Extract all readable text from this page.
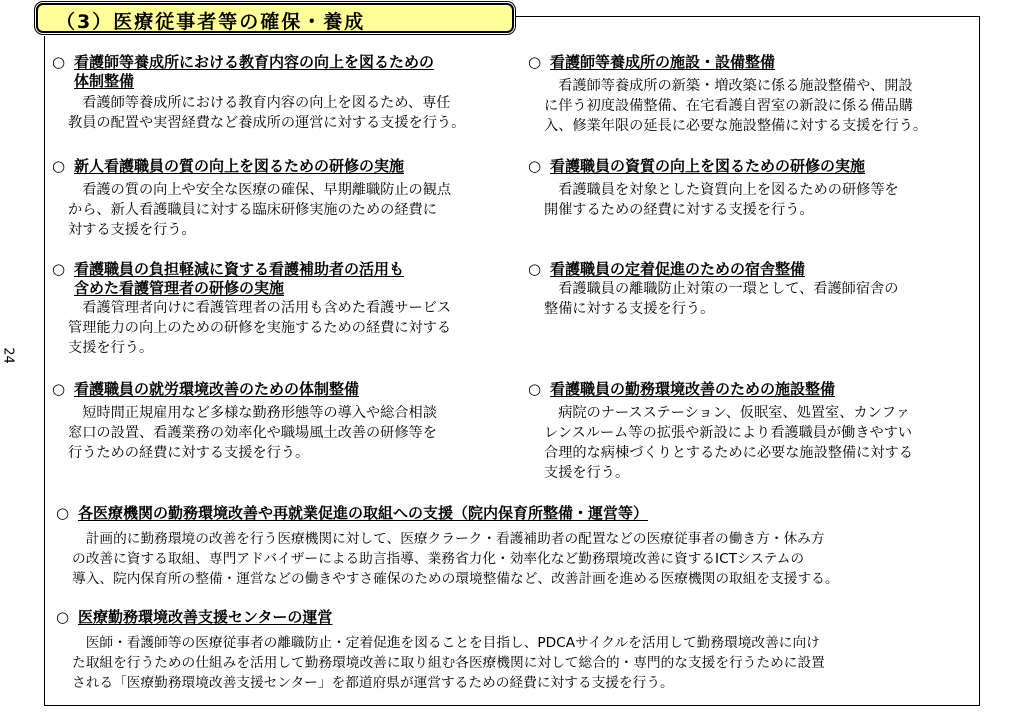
（3）医療従事者等の確保・養成
24

○ 看護師等養成所における教育内容の向上を図るための
体制整備

　看護師等養成所における教育内容の向上を図るため、専任
教員の配置や実習経費など養成所の運営に対する支援を行う。

○ 看護師等養成所の施設・設備整備

　看護師等養成所の新築・増改築に係る施設整備や、開設
に伴う初度設備整備、在宅看護自習室の新設に係る備品購
入、修業年限の延長に必要な施設整備に対する支援を行う。

○ 新人看護職員の質の向上を図るための研修の実施

　看護の質の向上や安全な医療の確保、早期離職防止の観点
から、新人看護職員に対する臨床研修実施のための経費に
対する支援を行う。

○ 看護職員の資質の向上を図るための研修の実施

　看護職員を対象とした資質向上を図るための研修等を
開催するための経費に対する支援を行う。

○ 看護職員の負担軽減に資する看護補助者の活用も
含めた看護管理者の研修の実施

　看護管理者向けに看護管理者の活用も含めた看護サービス
管理能力の向上のための研修を実施するための経費に対する
支援を行う。

○ 看護職員の定着促進のための宿舎整備

　看護職員の離職防止対策の一環として、看護師宿舎の
整備に対する支援を行う。

○ 看護職員の就労環境改善のための体制整備

　短時間正規雇用など多様な勤務形態等の導入や総合相談
窓口の設置、看護業務の効率化や職場風土改善の研修等を
行うための経費に対する支援を行う。

○ 看護職員の勤務環境改善のための施設整備

　病院のナースステーション、仮眠室、処置室、カンファ
レンスルーム等の拡張や新設により看護職員が働きやすい
合理的な病棟づくりとするために必要な施設整備に対する
支援を行う。

○ 各医療機関の勤務環境改善や再就業促進の取組への支援（院内保育所整備・運営等）

　計画的に勤務環境の改善を行う医療機関に対して、医療クラーク・看護補助者の配置などの医療従事者の働き方・休み方
の改善に資する取組、専門アドバイザーによる助言指導、業務省力化・効率化など勤務環境改善に資するICTシステムの
導入、院内保育所の整備・運営などの働きやすさ確保のための環境整備など、改善計画を進める医療機関の取組を支援する。

○ 医療勤務環境改善支援センターの運営

　医師・看護師等の医療従事者の離職防止・定着促進を図ることを目指し、PDCAサイクルを活用して勤務環境改善に向け
た取組を行うための仕組みを活用して勤務環境改善に取り組む各医療機関に対して総合的・専門的な支援を行うために設置
される「医療勤務環境改善支援センター」を都道府県が運営するための経費に対する支援を行う。
